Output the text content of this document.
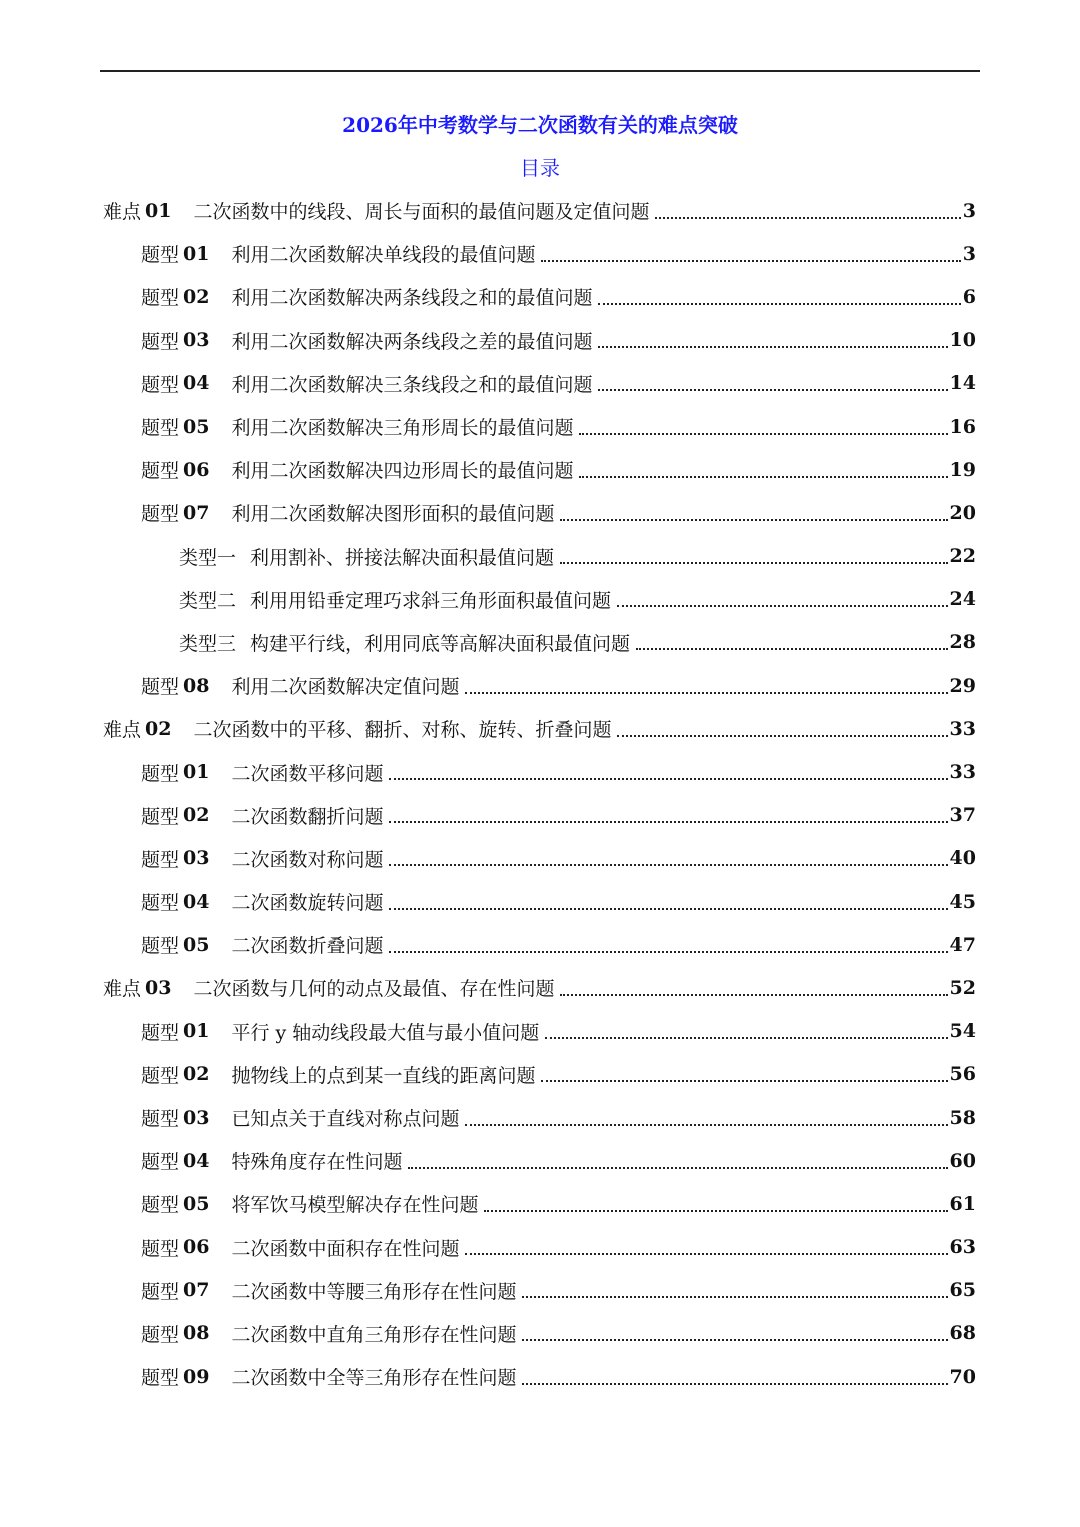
2026年中考数学与二次函数有关的难点突破
目录
难点 01 二次函数中的线段、周长与面积的最值问题及定值问题	3
题型 01 利用二次函数解决单线段的最值问题	3
题型 02 利用二次函数解决两条线段之和的最值问题	6
题型 03 利用二次函数解决两条线段之差的最值问题	10
题型 04 利用二次函数解决三条线段之和的最值问题	14
题型 05 利用二次函数解决三角形周长的最值问题	16
题型 06 利用二次函数解决四边形周长的最值问题	19
题型 07 利用二次函数解决图形面积的最值问题	20
类型一 利用割补、拼接法解决面积最值问题	22
类型二 利用用铅垂定理巧求斜三角形面积最值问题	24
类型三 构建平行线，利用同底等高解决面积最值问题	28
题型 08 利用二次函数解决定值问题	29
难点 02 二次函数中的平移、翻折、对称、旋转、折叠问题	33
题型 01 二次函数平移问题	33
题型 02 二次函数翻折问题	37
题型 03 二次函数对称问题	40
题型 04 二次函数旋转问题	45
题型 05 二次函数折叠问题	47
难点 03 二次函数与几何的动点及最值、存在性问题	52
题型 01 平行 y 轴动线段最大值与最小值问题	54
题型 02 抛物线上的点到某一直线的距离问题	56
题型 03 已知点关于直线对称点问题	58
题型 04 特殊角度存在性问题	60
题型 05 将军饮马模型解决存在性问题	61
题型 06 二次函数中面积存在性问题	63
题型 07 二次函数中等腰三角形存在性问题	65
题型 08 二次函数中直角三角形存在性问题	68
题型 09 二次函数中全等三角形存在性问题	70
